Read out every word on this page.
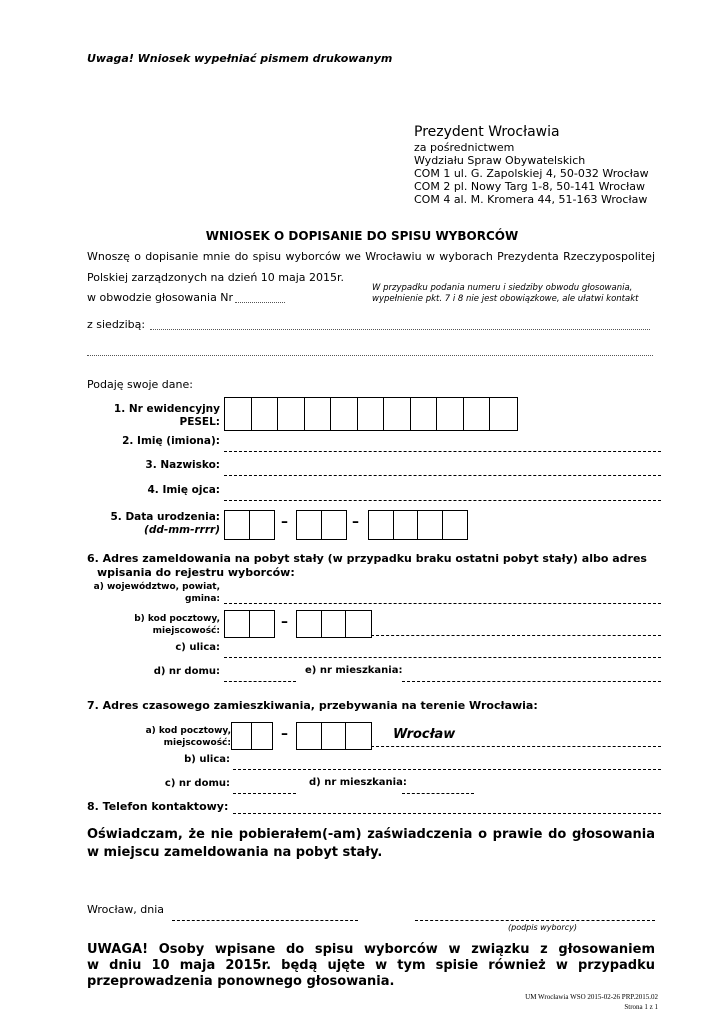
Uwaga! Wniosek wypełniać pismem drukowanym
Prezydent Wrocławia
za pośrednictwem
Wydziału Spraw Obywatelskich
COM 1 ul. G. Zapolskiej 4, 50-032 Wrocław
COM 2 pl. Nowy Targ 1-8, 50-141 Wrocław
COM 4 al. M. Kromera 44, 51-163 Wrocław
WNIOSEK O DOPISANIE DO SPISU WYBORCÓW
Wnoszę o dopisanie mnie do spisu wyborców we Wrocławiu w wyborach Prezydenta Rzeczypospolitej
Polskiej zarządzonych na dzień 10 maja 2015r.
W przypadku podania numeru i siedziby obwodu głosowania,
wypełnienie pkt. 7 i 8 nie jest obowiązkowe, ale ułatwi kontakt
w obwodzie głosowania Nr
z siedzibą:
Podaję swoje dane:
1. Nr ewidencyjny
PESEL:
2. Imię (imiona):
3. Nazwisko:
4. Imię ojca:
5. Data urodzenia:
(dd-mm-rrrr)	–	–
6. Adres zameldowania na pobyt stały (w przypadku braku ostatni pobyt stały) albo adres
wpisania do rejestru wyborców:
a) województwo, powiat,
gmina:
b) kod pocztowy,
miejscowość:
–
c) ulica:
d) nr domu:	e) nr mieszkania:
7. Adres czasowego zamieszkiwania, przebywania na terenie Wrocławia:
a) kod pocztowy,
miejscowość:
–	Wrocław
b) ulica:
c) nr domu:	d) nr mieszkania:
8. Telefon kontaktowy:
Oświadczam, że nie pobierałem(-am) zaświadczenia o prawie do głosowania
w miejscu zameldowania na pobyt stały.
Wrocław, dnia
(podpis wyborcy)
UWAGA! Osoby wpisane do spisu wyborców w związku z głosowaniem
w dniu 10 maja 2015r. będą ujęte w tym spisie również w przypadku
przeprowadzenia ponownego głosowania.
UM Wrocławia WSO 2015-02-26 PRP.2015.02
Strona 1 z 1
